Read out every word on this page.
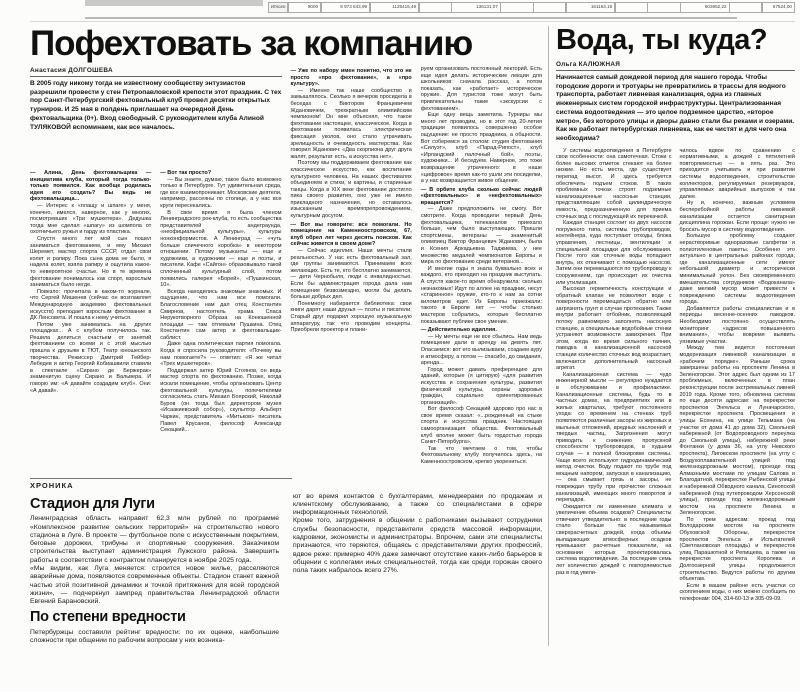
Итого	9000	8 973 643,99	1125415,49	136131,07	161163,19	603952,22	67524,00
Пофехтовать за компанию
Анастасия ДОЛГОШЕВА
В 2005 году никому тогда не известному сообществу энтузиастов разрешили провести у стен Петропавловской крепости этот праздник. С тех пор Санкт-Петербургский фехтовальный клуб провел десятки открытых турниров. И 25 мая в полдень приглашает на очередной День фехтовальщика (0+). Вход свободный. С руководителем клуба Алиной ТУЛЯКОВОЙ вспоминаем, как все началось.

— Алина, День фехтовальщика — инициатива клуба, который тогда только-только появился. Как вообще родилась идея его создать? Вы ведь не фехтовальщица...

— Интерес к «плащу и шпаге» у меня, конечно, имелся, наверное, как у многих, посмотревших «Три мушкетера». Дедушка тогда мне сделал «шпагу» из шомпола от охотничьего ружья и гарду из пластика.

Спустя много лет мой сын пошел заниматься фехтованием, и ему Михаил Шеремет, мастер спорта СССР, отдал свои колет и рапиру. Пока сына дома не было, я надела колет, взяла рапиру и ощутила какое-то невероятное счастье. Но в те времена фехтование понималось как спорт, взрослым заниматься было негде.

Повезло: прочитала в каком-то журнале, что Сергей Мишенев (сейчас он возглавляет Международную академию фехтовальных искусств) преподает взрослым фехтование в ДК Ленсовета. И пошла к нему учиться.

Потом уже занималась на других площадках... А с клубом получилось так. Решила делиться счастьем от занятий фехтованием со всеми и с этой мыслью пришла к друзьям в ТЮТ, Театр юношеского творчества. Режиссер Дмитрий Тейбер-Лебедев и актер Георгий Кобиашвили ставили в спектакле «Сирано де Бержерак» знаменитую сцену Сирано и Вальвера. И говорю им: «А давайте создадим клуб». Они: «А давай».

— Вот так просто?

— Вы знаете, думаю, такое было возможно только в Петербурге. Тут удивительная среда, где все взаимопроникает. Московские деятели, например, рассеяны по столице, а у нас все круги пересекались.

В свое время я была членом Ленинградского рок-клуба, то есть сообщества представителей андеграунда, «неофициальной культуры», культуры нонконформистов. А Ленинград — «чуть больше спичечного коробка» в некотором отношении. Потому музыканты — еще и художники, а художники — еще и поэты, и писатели. Кафе «Сайгон» образовывало такой сплоченный культурный слой, потом появились галерея «Борей», «Пушкинская, 10».

Всегда находились знакомые знакомых. И ощущение, что нам все помогали. Благословение нам дал отец Константин Смирнов, настоятель храма Спаса Нерукотворного Образа на Конюшенной площади — там отпевали Пушкина. Отец Константин сам актер и фехтовальщик-саблист.

Даже одна политическая партия помогала. Когда я спросила руководителя: «Почему вы нам помогаете?» — ответил: «Я же читал «Трех мушкетеров».

Поддержал актер Юрий Стоянов, он ведь мастер спорта по фехтованию. Позже, когда искали помещение, чтобы организовать Центр фехтовальной культуры, попечителями согласились стать Михаил Боярский, Николай Буров (он тогда был директором музея «Исаакиевский собор»), скульптор Альберт Чаркин, представитель «Митьков» писатель Павел Крусанов, философ Александр Секацкий...

— Уже по набору имен понятно, что это не просто «про фехтование», а «про культуру».

— Именно так наше сообщество и замышлялось. Сколько я вечеров просидела в беседах с Виктором Францевичем Ждановичем, трехкратным олимпийским чемпионом! Он мне объяснял, что такое фехтование настоящее, классическое. Когда в фехтовании появилась электрическая фиксация уколов, оно стало утрачивать зрелищность и очевидность мастерства. Как говорил Жданович: «Два скорпиона друг друга жалят, результат есть, а искусства нет».

Поэтому мы поддерживаем фехтование как классическое искусство, как воспитание культурного человека. На наших фестивалях объединяем и стихи, и картины, и старинные танцы. Когда в XIX веке фехтование достигло пика своего развития, оно уже не имело прикладного назначения, но оставалось изысканным времяпрепровождением, культурным досугом.

— Вот вы говорите: все помогали. Но помещение на Каменноостровском, 67, клуб обрел лет через десять поисков. Как сейчас живется в своем доме?

— Сейчас идиллия. Наши мечты стали реальностью. У нас есть фехтовальный зал, где группы занимаются. Принимаем всех желающих. Есть те, кто бесплатно занимается, — дети Чернобыля, люди с инвалидностью. Если бы администрация города дала нам помещение безвозмездно, могли бы делать больше добрых дел.

Понемногу набирается библиотека: свои книги дарят наши друзья — поэты и писатели. Старый друг подарил хорошую музыкальную аппаратуру, так что проводим концерты. Приобрели проектор и плани-

руем организовать постоянный лекторий. Есть еще идея делать исторические лекции для школьников: сначала рассказ, а потом показать, как «работает» историческое оружие. Для туристов тоже могут быть привлекательны такие «экскурсии с фехтованием».

Еще одну вещь заметила. Турниры мы много лет проводим, но в этот год 20-летия традиции появилось совершенно особое ощущение: не просто праздника, а общности. Вот соберемся за столом: студия фехтования «Силуэт», клуб «Парад-Рипост», клуб «Ирландский палочный бой», поэты, художники... И беседуем. Наверное, это тоже возвращение утраченного: в наше «цифровое» время как-то ушли эти посиделки, а у нас возвращается живое общение.

— В орбите клуба сколько сейчас людей «фехтовальных» и «нефехтовальных» вращается?

— Даже предположить не смогу. Вот смотрите. Когда проводили первый День фехтовальщика, телеканалов приехало больше, чем было выступающих. Пришли спортсмены, ветераны — знаменитый олимпиец Виктор Францевич Жданович, была и Ксения Аркадьевна Таджиева, у нее множество медалей чемпионатов Европы и мира по фехтованию среди ветеранов...

И многие годы я знала буквально всех и каждого, кто приходил на праздник выступать. А спустя какое-то время обнаружила: сколько незнакомых! Идут по аллее на праздник, несут «старинное» оружие, кто-то к нам за сотни километров едет. Из Европы приезжали: такого в Европе нет — чтобы столько мастеров собрались, которые бесплатно показывают публике свое умение.

— Действительно идиллия.

— Ну мечты еще не все сбылись. Нам ведь помещение дали в аренду на девять лет. Опасаемся: вот его вылизываем, создаем ауру и атмосферу, а потом — спасибо, до свидания, аренда...

Город может давать преференцию для зданий, которые (я цитирую) «для развития искусства и сохранения культуры, развития физической культуры, охраны здоровья граждан, социально ориентированных организаций».

Вот философ Секацкий здорово про нас в свое время сказал: «...рожденный на стыке спорта и искусства праздник. Настоящая самоорганизация общества. Фехтовальный клуб вполне может быть гордостью города Санкт-Петербурга».

Так что мечтаем о том, чтобы Фехтовальному клубу получилось здесь, на Каменноостровском, крепко укорениться.

ХРОНИКА
Стадион для Луги

Ленинградская область направит 62,3 млн рублей по программе «Комплексное развитие сельских территорий» на строительство нового стадиона в Луге. В проекте — футбольное поле с искусственным покрытием, беговые дорожки, трибуны и спортивные сооружения. Заказчиком строительства выступает администрация Лужского района. Завершить работы в соответствии с контрактом планируется в ноябре 2025 года.

«Мы видим, как Луга меняется: строится новое жилье, расселяются аварийные дома, появляются современные объекты. Стадион станет важной частью этой позитивной динамики и точкой притяжения для всей городской жизни», — подчеркнул зампред правительства Ленинградской области Евгений Барановский.

По степени вредности

Петербуржцы составили рейтинг вредности: по их оценке, наибольшие сложности при общении по рабочим вопросам у них возника-

ют во время контактов с бухгалтерами, менеджерами по продажам и клиентскому обслуживанию, а также со специалистами в сфере информационных технологий.

Кроме того, затруднения в общении с работниками вызывают сотрудники службы безопасности, представители средств массовой информации, кадровики, экономисты и администраторы. Впрочем, сами эти специалисты признаются, что теряются, общаясь с представителями других профессий, вдвое реже: примерно 40% даже замечают отсутствие каких-либо барьеров в общении с коллегами иных специальностей, тогда как среди горожан своего пола таких набралось всего 27%.

Вода, ты куда?
Ольга КАЛЮЖНАЯ
Начинается самый дождевой период для нашего города. Чтобы городские дороги и тротуары не превратились в трассы для водного транспорта, работает ливневая канализация, одна из главных инженерных систем городской инфраструктуры. Централизованная система водоотведения — это целое подземное царство, «второе метро», без которого улицы и дворы давно стали бы реками и озерами. Как же работает петербургская ливневка, как ее чистят и для чего она необходима?

У системы водоотведения в Петербурге свои особенности: она самотечная. Стоки с более высоких отметок стекают на более низкие. Но есть места, где существует перепад высот. И здесь требуется обеспечить подъем стоков. В таких проблемных точках строят подземные канализационные насосные станции, представляющие собой цилиндрическую емкость, предназначенную для приема сточных вод с последующей их перекачкой.

Каждая станция состоит из двух насосов погружного типа, системы трубопроводов, контейнера, куда поступают отходы, блока управления, лестницы, вентиляции и специальной площадки для обслуживания. После того как сточные воды попадают внутрь, их откачивают с помощью насосов. Затем они перемещаются по трубопроводу к сооружениям, где происходит их очистка или утилизация.

Высокая герметичность конструкции и обратный клапан не позволяют воде с поверхности перемещаться обратно или загрязнять грунт в случае протекания. Также внутри работает отбойник, позволяющий потоку равномерно заполнять насосную станцию, а специальные водобойные стенки устраняют возможности завихрения. При этом, когда во время сильного таяния, паводка в канализационной насосной станции количество сточных вод возрастает, включается дополнительный насосный агрегат.

Канализационная система — чудо инженерной мысли — регулярно нуждается в обслуживании и профилактике. Канализационные системы, будь то в частных домах, на предприятиях или в жилых кварталах, требуют постоянного ухода: со временем на стенках труб появляются различные засоры из жировых и мыльных отложений, вредных наслоений и твердых частиц. Загрязнения могут приводить к снижению пропускной способности трубопроводов, в худшем случае — к полной блокировке системы. Чаще всего используют гидродинамический метод очистки. Воду подают по трубе под мощным напором, запуская в канализацию, — она смывает грязь и засоры, не повреждая трубу при прочистке сложных канализаций, имеющих много поворотов и перепадов.

Ожидается ли изменение климата и увеличение объема осадков? Специалисты отвечают утвердительно: в последние годы стало больше так называемых сверхрасчетных дождей, когда объемы выпадающих атмосферных осадков превышают расчетные показатели, на основании которых проектировалась система водоотведения. За последние семь лет количество дождей с повторяемостью раз в год увели-

чилось вдвое по сравнению с нормативными, а дождей с пятилетней повторяемостью — в пять раз. Это приходится учитывать и при развитии системы водоотведения, строительстве коллекторов, регулируемых резервуаров, управляемых аварийных выпусков и так далее.

Ну и, конечно, важным условием бесперебойной работы ливневой канализации остается санитарная дисциплина горожан. Если проще: нужно не бросать мусор в систему водоотведения.

Большую проблему создают нерастворимые одноразовые салфетки и полиэтиленовые пакеты. Особенно это актуально в центральных районах города, где канализационные сети имеют небольшой диаметр и исторически минимальный уклон. Без своевременного вмешательства сотрудников «Водоканала» даже мелкий мусор может привести к повреждению системы водоотведения города.

Добавляется работы специалистам и в периоды весенне-осенних паводков. Необходимо постоянно осуществлять мониторинг «адресов повышенного внимания», чтобы вовремя выявить уязвимые участки.

Между тем ведется постоянная модернизация ливневой канализации в «рабочем порядке». Раньше срока завершены работы на проспекте Ленина в Зеленогорске. Этот адрес был одним из 17 проблемных, включенных в план реконструкции после экстремальных ливней 2019 года. Кроме того, обновлена система по еще десяти адресам: на перекрестке проспектов Энгельса и Луначарского, перекрестке проспекта Просвещения и улицы Есенина, на улице Тельмана (на участке от дома 41 до дома 32), Смольной набережной (от Водопроводного переулка до Смольной улицы), набережной реки Фонтанки (у дома 36, на углу Невского проспекта), Лиговском проспекте (на углу с Воздухоплавательной улицей под железнодорожным мостом), проезде под Алмазными мостами по улицам Салова и Благодатной, перекрестке Рыбинской улицы и набережной Обводного канала, Синопской набережной (под путепроводом Херсонской улицы), проезде под железнодорожным мостом на проспекте Ленина в Зеленогорске.

По трем адресам: проезд под Володарским мостом на проспекте Обуховской Обороны, перекресток проспектов Энгельса и Испытателей (Светлановская площадь) и перекресток улиц Парашютной и Репищева, а также на перекрестке проспекта Королева и Долгоозерной улицы продолжается строительство. Ведутся работы по другим объектам.

Если в вашем районе есть участки со скоплением воды, о них можно сообщить по телефонам: 004, 314-60-13 и 305-09-09.
